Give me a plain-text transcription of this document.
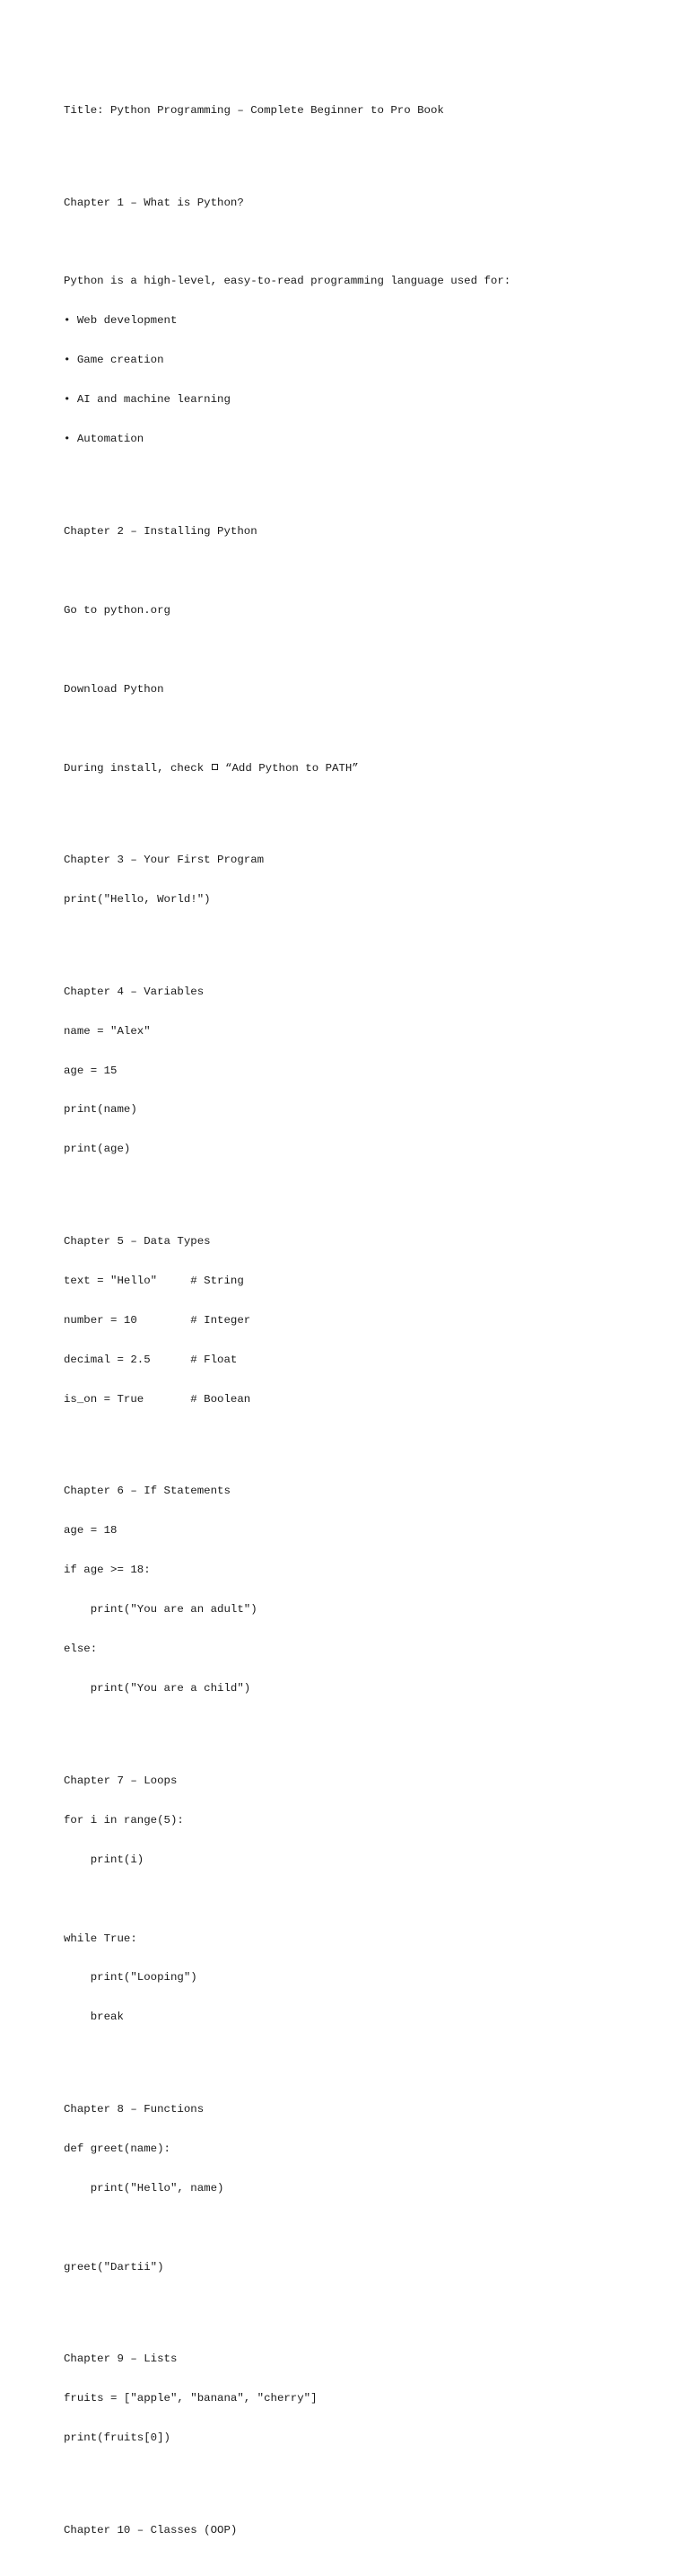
Title: Python Programming – Complete Beginner to Pro Book

Chapter 1 – What is Python?

Python is a high-level, easy-to-read programming language used for:

• Web development

• Game creation

• AI and machine learning

• Automation

Chapter 2 – Installing Python

Go to python.org

Download Python

During install, check  “Add Python to PATH”

Chapter 3 – Your First Program

print("Hello, World!")

Chapter 4 – Variables

name = "Alex"

age = 15

print(name)

print(age)

Chapter 5 – Data Types

text = "Hello"     # String

number = 10        # Integer

decimal = 2.5      # Float

is_on = True       # Boolean

Chapter 6 – If Statements

age = 18

if age >= 18:

print("You are an adult")

else:

print("You are a child")

Chapter 7 – Loops

for i in range(5):

print(i)

while True:

print("Looping")

break

Chapter 8 – Functions

def greet(name):

print("Hello", name)

greet("Dartii")

Chapter 9 – Lists

fruits = ["apple", "banana", "cherry"]

print(fruits[0])

Chapter 10 – Classes (OOP)
